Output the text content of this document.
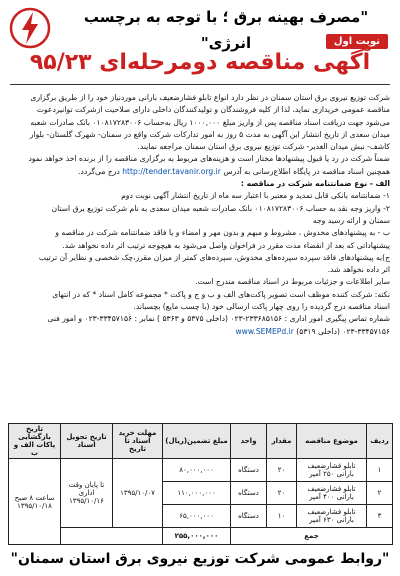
"مصرف بهینه برق ؛ با توجه به برچسب انرژی"	نوبت اول
آگهی مناقصه دومرحله‌ای ۹۵/۲۳
شرکت توزیع نیروی برق استان سمنان در نظر دارد انواع تابلو فشارضعیف بارانی موردنیاز خود را از طریق برگزاری
مناقصه عمومی خریداری نماید، لذا از کلیه فروشندگان و تولیدکنندگان داخلی دارای صلاحیت ازشرکت توانیردعوت
می‌شود جهت دریافت اسناد مناقصه پس از واریز مبلغ ۱۰۰۰,۰۰۰ ریال به‌حساب ۰۱۰۸۱۷۲۸۳۰۰۶ بانک صادرات شعبه
میدان سعدی از تاریخ انتشار این آگهی به مدت ۵ روز به امور تدارکات شرکت واقع در سمنان- شهرک گلستان- بلوار
کاشف- نبش میدان الغدیر- شرکت توزیع نیروی برق استان سمنان مراجعه نمایند.
ضمناً شرکت در رد یا قبول پیشنهادها مختار است و هزینه‌های مربوط به برگزاری مناقصه را از برنده اخذ خواهد نمود
همچنین اسناد مناقصه در پایگاه اطلاع‌رسانی به آدرس http://tender.tavanir.org.ir درج می‌گردد.
الف - نوع ضمانتنامه شرکت در مناقصه :
۱- ضمانتنامه بانکی قابل تمدید و معتبر با اعتبار سه ماه از تاریخ انتشار آگهی نوبت دوم
۲- واریز وجه نقد به حساب ۰۱۰۸۱۷۲۸۳۰۰۶ بانک صادرات شعبه میدان سعدی به نام شرکت توزیع برق استان
سمنان و ارائه رسید وجه
ب - به پیشنهادهای مخدوش ، مشروط و مبهم و بدون مهر و امضاء و یا فاقد ضمانتنامه شرکت در مناقصه و
پیشنهاداتی که بعد از انقضاء مدت مقرر در فراخوان واصل می‌شود به هیچوجه ترتیب اثر داده نخواهد شد.
ج)به پیشنهادهای فاقد سپرده سپرده‌های مخدوش، سپرده‌های کمتر از میزان مقرر،چک شخصی و نظایر آن ترتیب
اثر داده نخواهد شد.
سایر اطلاعات و جزئیات مربوط در اسناد مناقصه مندرج است.
نکته: شرکت کننده موظف است تصویر پاکت‌های الف و ب و ج و پاکت * مجموعه کامل اسناد * که در انتهای
اسناد مناقصه درج گردیده را روی چهار پاکت ارسالی خود (با چسب مایع) بچسباند.
شماره تماس پیگیری امور اداری : ۲۳۳۶۸۵۱۵۶-۰۲۳ (داخلی ۵۳۷۵ و ۵۳۶۳ ) نمابر : ۳۳۴۵۷۱۵۶-۰۲۳ و امور فنی
۰۲۳-۳۳۴۵۷۱۵۶ (داخلی ۵۳۱۹) www.SEMEPd.ir
ردیف	موضوع مناقصه	مقدار	واحد	مبلغ تضمین(ریال)	مهلت خرید اسناد تا تاریخ	تاریخ تحویل اسناد	تاریخ بازگشایی پاکات الف و ب
۱	تابلو فشارضعیف بارانی ۲۵۰ آمپر	۲۰	دستگاه	۸۰,۰۰۰,۰۰۰	۱۳۹۵/۱۰/۰۷	تا پایان وقت اداری ۱۳۹۵/۱۰/۱۶	ساعت ۸ صبح ۱۳۹۵/۱۰/۱۸
۲	تابلو فشارضعیف بارانی ۴۰۰ آمپر	۲۰	دستگاه	۱۱۰,۰۰۰,۰۰۰			
۳	تابلو فشارضعیف بارانی ۶۳۰ آمپر	۱۰	دستگاه	۶۵,۰۰۰,۰۰۰			
جمع				۲۵۵,۰۰۰,۰۰۰			
"روابط عمومی شرکت توزیع نیروی برق استان سمنان"
